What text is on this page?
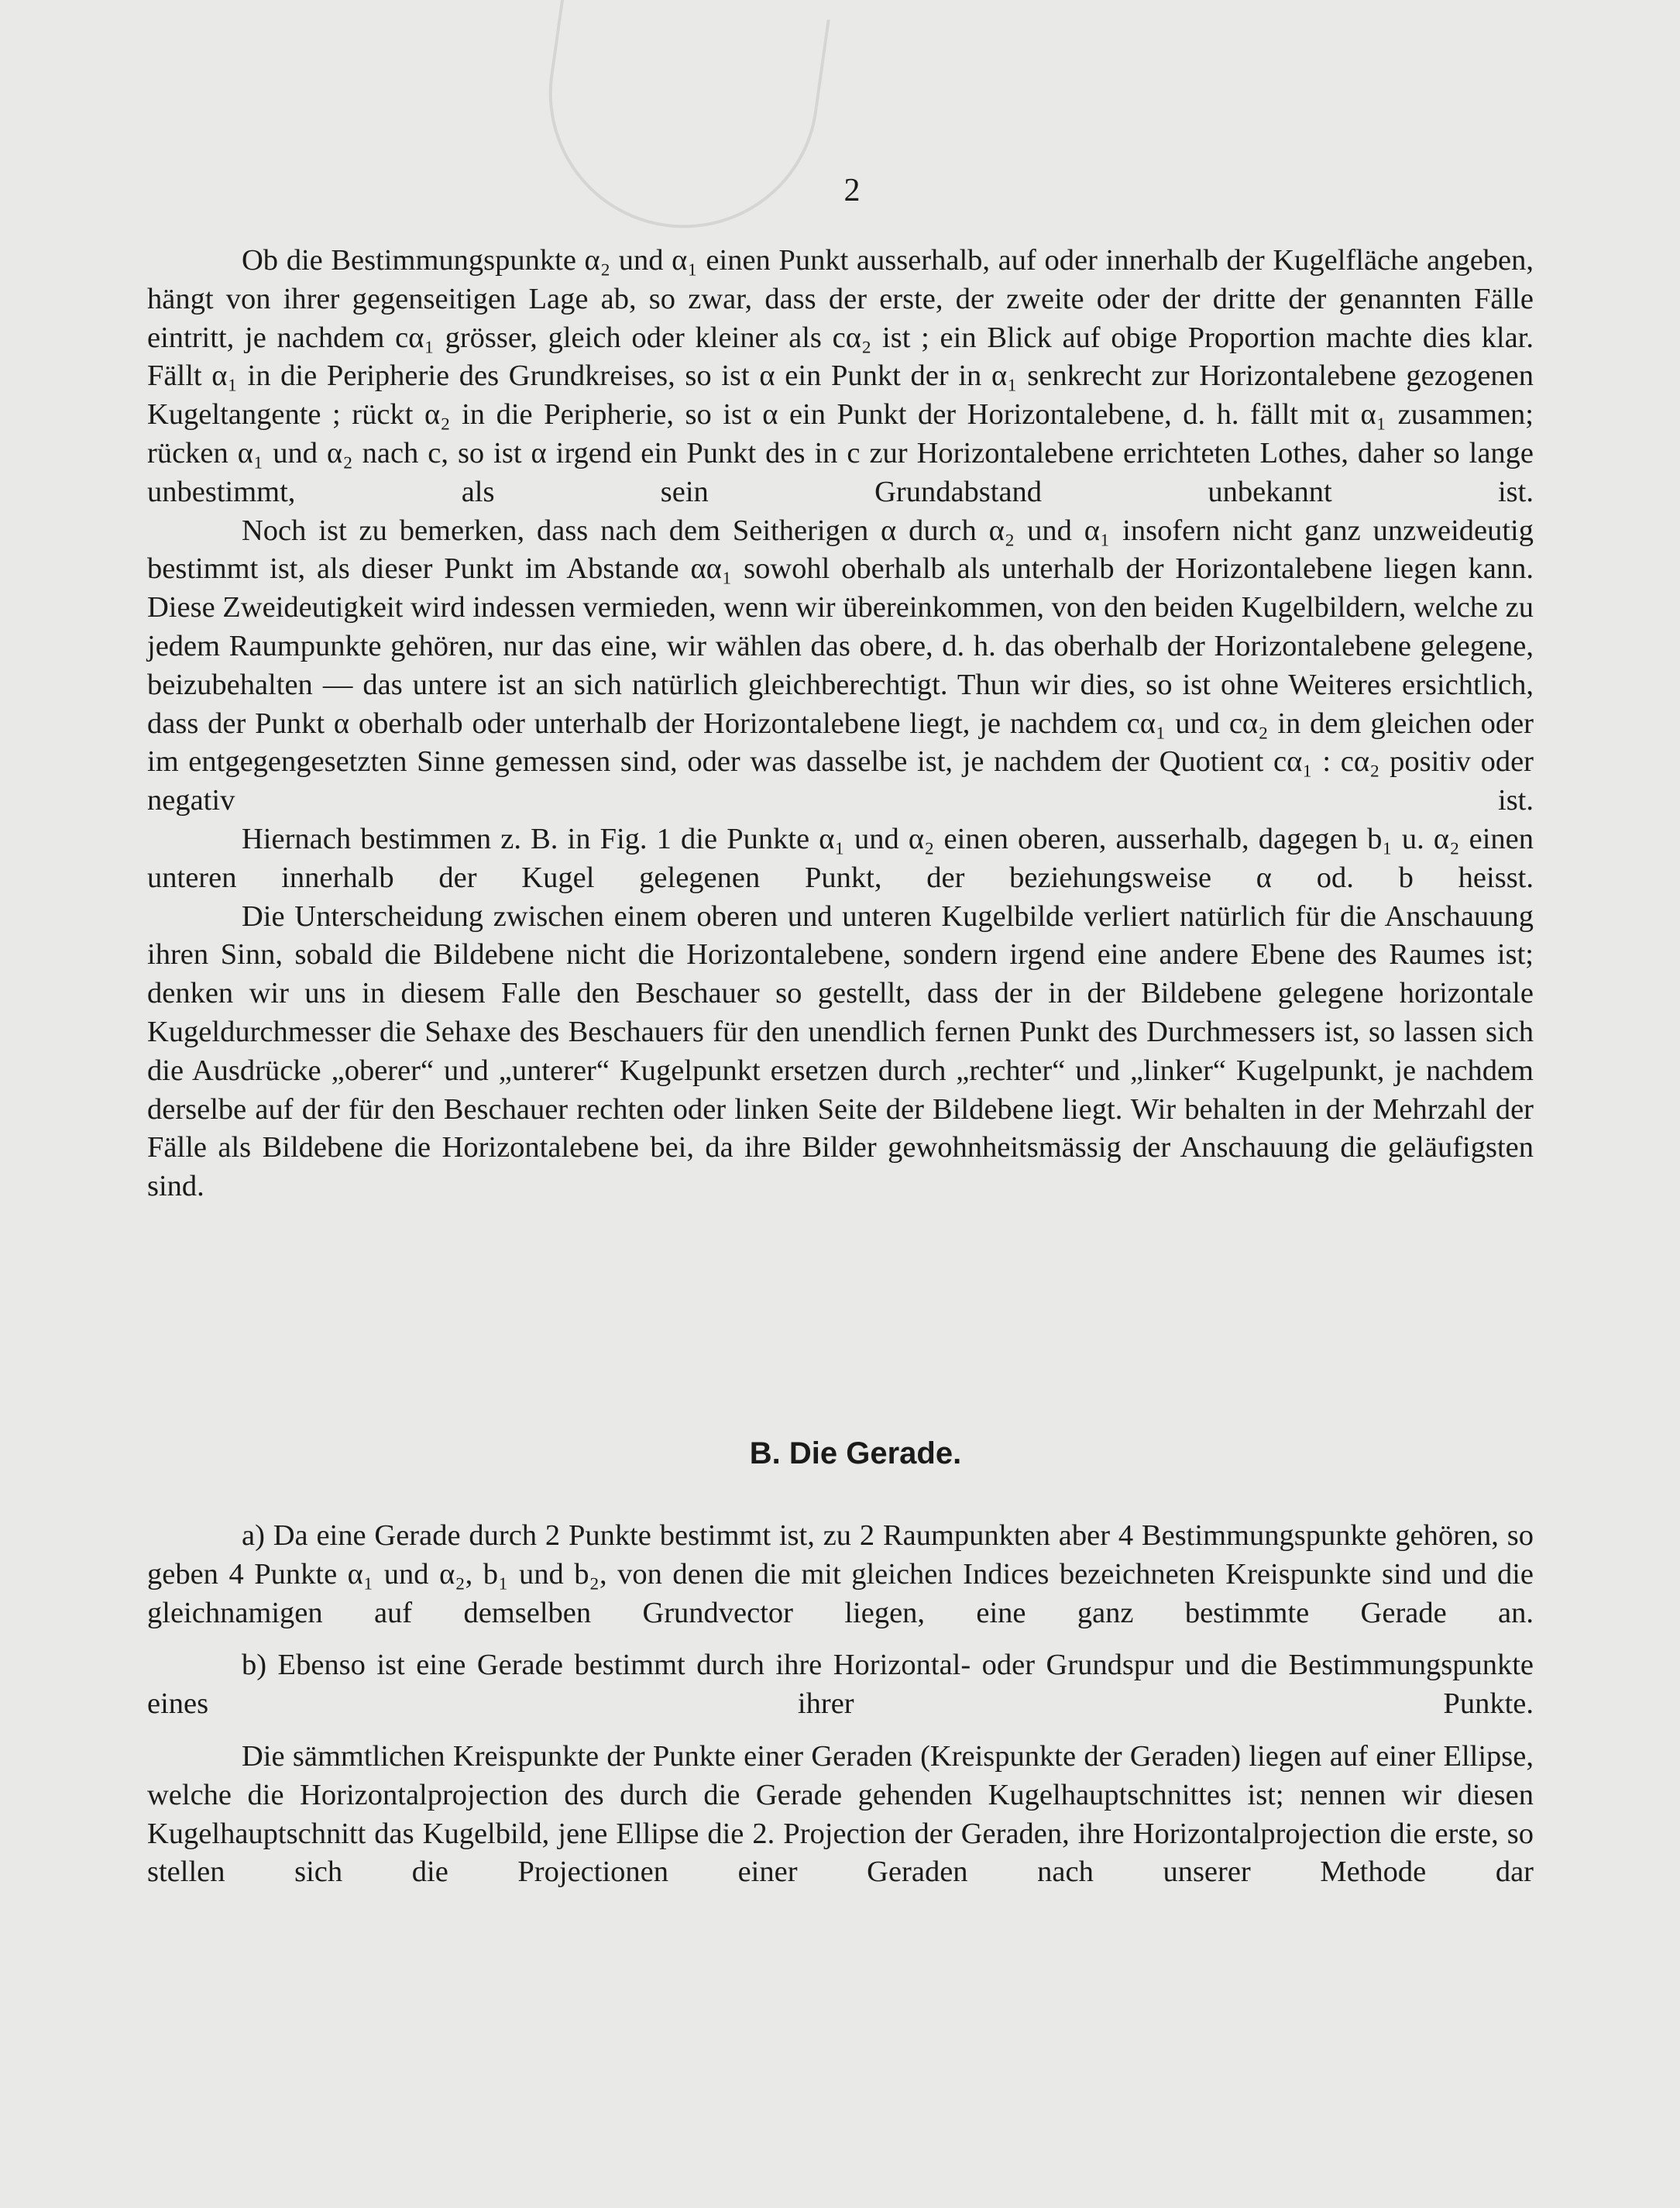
2

Ob die Bestimmungspunkte α₂ und α₁ einen Punkt ausserhalb, auf oder innerhalb der Kugelfläche angeben, hängt von ihrer gegenseitigen Lage ab, so zwar, dass der erste, der zweite oder der dritte der genannten Fälle eintritt, je nachdem cα₁ grösser, gleich oder kleiner als cα₂ ist ; ein Blick auf obige Proportion machte dies klar. Fällt α₁ in die Peripherie des Grundkreises, so ist α ein Punkt der in α₁ senkrecht zur Horizontalebene gezogenen Kugeltangente ; rückt α₂ in die Peripherie, so ist α ein Punkt der Horizontalebene, d. h. fällt mit α₁ zusammen; rücken α₁ und α₂ nach c, so ist α irgend ein Punkt des in c zur Horizontalebene errichteten Lothes, daher so lange unbestimmt, als sein Grundabstand unbekannt ist.

Noch ist zu bemerken, dass nach dem Seitherigen α durch α₂ und α₁ insofern nicht ganz unzweideutig bestimmt ist, als dieser Punkt im Abstande αα₁ sowohl oberhalb als unterhalb der Horizontalebene liegen kann. Diese Zweideutigkeit wird indessen vermieden, wenn wir übereinkommen, von den beiden Kugelbildern, welche zu jedem Raumpunkte gehören, nur das eine, wir wählen das obere, d. h. das oberhalb der Horizontalebene gelegene, beizubehalten — das untere ist an sich natürlich gleichberechtigt. Thun wir dies, so ist ohne Weiteres ersichtlich, dass der Punkt α oberhalb oder unterhalb der Horizontalebene liegt, je nachdem cα₁ und cα₂ in dem gleichen oder im entgegengesetzten Sinne gemessen sind, oder was dasselbe ist, je nachdem der Quotient cα₁ : cα₂ positiv oder negativ ist.

Hiernach bestimmen z. B. in Fig. 1 die Punkte α₁ und α₂ einen oberen, ausserhalb, dagegen b₁ u. α₂ einen unteren innerhalb der Kugel gelegenen Punkt, der beziehungsweise α od. b heisst.

Die Unterscheidung zwischen einem oberen und unteren Kugelbilde verliert natürlich für die Anschauung ihren Sinn, sobald die Bildebene nicht die Horizontalebene, sondern irgend eine andere Ebene des Raumes ist; denken wir uns in diesem Falle den Beschauer so gestellt, dass der in der Bildebene gelegene horizontale Kugeldurchmesser die Sehaxe des Beschauers für den unendlich fernen Punkt des Durchmessers ist, so lassen sich die Ausdrücke „oberer“ und „unterer“ Kugelpunkt ersetzen durch „rechter“ und „linker“ Kugelpunkt, je nachdem derselbe auf der für den Beschauer rechten oder linken Seite der Bildebene liegt. Wir behalten in der Mehrzahl der Fälle als Bildebene die Horizontalebene bei, da ihre Bilder gewohnheitsmässig der Anschauung die geläufigsten sind.

B. Die Gerade.

a) Da eine Gerade durch 2 Punkte bestimmt ist, zu 2 Raumpunkten aber 4 Bestimmungspunkte gehören, so geben 4 Punkte α₁ und α₂, b₁ und b₂, von denen die mit gleichen Indices bezeichneten Kreispunkte sind und die gleichnamigen auf demselben Grundvector liegen, eine ganz bestimmte Gerade an.

b) Ebenso ist eine Gerade bestimmt durch ihre Horizontal- oder Grundspur und die Bestimmungspunkte eines ihrer Punkte.

Die sämmtlichen Kreispunkte der Punkte einer Geraden (Kreispunkte der Geraden) liegen auf einer Ellipse, welche die Horizontalprojection des durch die Gerade gehenden Kugelhauptschnittes ist; nennen wir diesen Kugelhauptschnitt das Kugelbild, jene Ellipse die 2. Projection der Geraden, ihre Horizontalprojection die erste, so stellen sich die Projectionen einer Geraden nach unserer Methode dar
